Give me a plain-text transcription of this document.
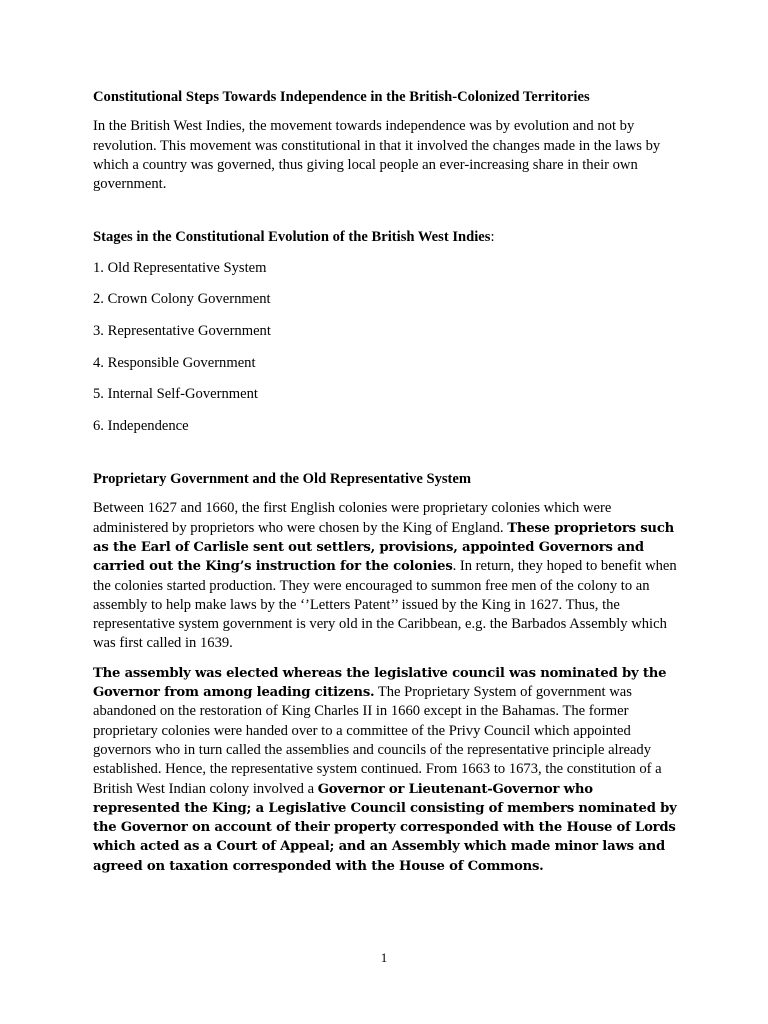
Constitutional Steps Towards Independence in the British-Colonized Territories

In the British West Indies, the movement towards independence was by evolution and not by revolution. This movement was constitutional in that it involved the changes made in the laws by which a country was governed, thus giving local people an ever-increasing share in their own government.

Stages in the Constitutional Evolution of the British West Indies:
1. Old Representative System
2. Crown Colony Government
3. Representative Government
4. Responsible Government
5. Internal Self-Government
6. Independence
Proprietary Government and the Old Representative System

Between 1627 and 1660, the first English colonies were proprietary colonies which were administered by proprietors who were chosen by the King of England. These proprietors such as the Earl of Carlisle sent out settlers, provisions, appointed Governors and carried out the King’s instruction for the colonies. In return, they hoped to benefit when the colonies started production. They were encouraged to summon free men of the colony to an assembly to help make laws by the ‘’Letters Patent’’ issued by the King in 1627. Thus, the representative system government is very old in the Caribbean, e.g. the Barbados Assembly which was first called in 1639.

The assembly was elected whereas the legislative council was nominated by the Governor from among leading citizens. The Proprietary System of government was abandoned on the restoration of King Charles II in 1660 except in the Bahamas. The former proprietary colonies were handed over to a committee of the Privy Council which appointed governors who in turn called the assemblies and councils of the representative principle already established. Hence, the representative system continued. From 1663 to 1673, the constitution of a British West Indian colony involved a Governor or Lieutenant-Governor who represented the King; a Legislative Council consisting of members nominated by the Governor on account of their property corresponded with the House of Lords which acted as a Court of Appeal; and an Assembly which made minor laws and agreed on taxation corresponded with the House of Commons.

1
